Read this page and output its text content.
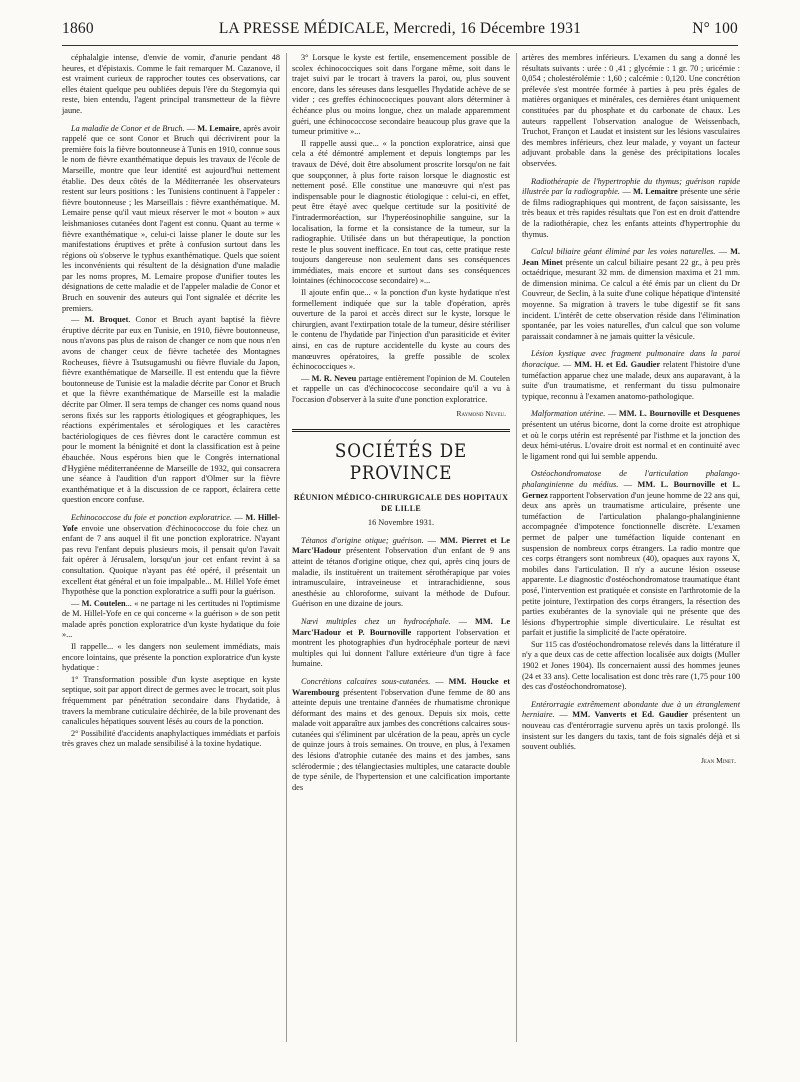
1860	LA PRESSE MÉDICALE, Mercredi, 16 Décembre 1931	N° 100

céphalalgie intense, d'envie de vomir, d'anurie pendant 48 heures, et d'épistaxis. Comme le fait remarquer M. Cazanove, il est vraiment curieux de rapprocher toutes ces observations, car elles étaient quelque peu oubliées depuis l'ère du Stegomyia qui reste, bien entendu, l'agent principal transmetteur de la fièvre jaune.

La maladie de Conor et de Bruch. — M. Lemaire, après avoir rappelé que ce sont Conor et Bruch qui décrivirent pour la première fois la fièvre boutonneuse à Tunis en 1910, connue sous le nom de fièvre exanthématique depuis les travaux de l'école de Marseille, montre que leur identité est aujourd'hui nettement établie. Des deux côtés de la Méditerranée les observateurs restent sur leurs positions : les Tunisiens continuent à l'appeler : fièvre boutonneuse ; les Marseillais : fièvre exanthématique. M. Lemaire pense qu'il vaut mieux réserver le mot « bouton » aux leishmanioses cutanées dont l'agent est connu. Quant au terme « fièvre exanthématique », celui-ci laisse planer le doute sur les manifestations éruptives et prête à confusion surtout dans les régions où s'observe le typhus exanthématique. Quels que soient les inconvénients qui résultent de la désignation d'une maladie par les noms propres, M. Lemaire propose d'unifier toutes les désignations de cette maladie et de l'appeler maladie de Conor et Bruch en souvenir des auteurs qui l'ont signalée et décrite les premiers.

— M. Broquet. Conor et Bruch ayant baptisé la fièvre éruptive décrite par eux en Tunisie, en 1910, fièvre boutonneuse, nous n'avons pas plus de raison de changer ce nom que nous n'en avons de changer ceux de fièvre tachetée des Montagnes Rocheuses, fièvre à Tsutsugamushi ou fièvre fluviale du Japon, fièvre exanthématique de Marseille. Il est entendu que la fièvre boutonneuse de Tunisie est la maladie décrite par Conor et Bruch et que la fièvre exanthématique de Marseille est la maladie décrite par Olmer. Il sera temps de changer ces noms quand nous serons fixés sur les rapports étiologiques et géographiques, les réactions expérimentales et sérologiques et les caractères bactériologiques de ces fièvres dont le caractère commun est pour le moment la bénignité et dont la classification est à peine ébauchée. Nous espérons bien que le Congrès international d'Hygiène méditerranéenne de Marseille de 1932, qui consacrera une séance à l'audition d'un rapport d'Olmer sur la fièvre exanthématique et à la discussion de ce rapport, éclairera cette question encore confuse.

Echinococcose du foie et ponction exploratrice. — M. Hillel-Yofe envoie une observation d'échinococcose du foie chez un enfant de 7 ans auquel il fit une ponction exploratrice. N'ayant pas revu l'enfant depuis plusieurs mois, il pensait qu'on l'avait fait opérer à Jérusalem, lorsqu'un jour cet enfant revint à sa consultation. Quoique n'ayant pas été opéré, il présentait un excellent état général et un foie impalpable... M. Hillel Yofe émet l'hypothèse que la ponction exploratrice a suffi pour la guérison.

— M. Coutelen... « ne partage ni les certitudes ni l'optimisme de M. Hillel-Yofe en ce qui concerne « la guérison » de son petit malade après ponction exploratrice d'un kyste hydatique du foie »...

Il rappelle... « les dangers non seulement immédiats, mais encore lointains, que présente la ponction exploratrice d'un kyste hydatique :

1° Transformation possible d'un kyste aseptique en kyste septique, soit par apport direct de germes avec le trocart, soit plus fréquemment par pénétration secondaire dans l'hydatide, à travers la membrane cuticulaire déchirée, de la bile provenant des canalicules hépatiques souvent lésés au cours de la ponction.

2° Possibilité d'accidents anaphylactiques immédiats et parfois très graves chez un malade sensibilisé à la toxine hydatique.

3° Lorsque le kyste est fertile, ensemencement possible de scolex échinococciques soit dans l'organe même, soit dans le trajet suivi par le trocart à travers la paroi, ou, plus souvent encore, dans les séreuses dans lesquelles l'hydatide achève de se vider ; ces greffes échinococciques pouvant alors déterminer à échéance plus ou moins longue, chez un malade apparemment guéri, une échinococcose secondaire beaucoup plus grave que la tumeur primitive »...

Il rappelle aussi que... « la ponction exploratrice, ainsi que cela a été démontré amplement et depuis longtemps par les travaux de Dévé, doit être absolument proscrite lorsqu'on ne fait que soupçonner, à plus forte raison lorsque le diagnostic est nettement posé. Elle constitue une manœuvre qui n'est pas indispensable pour le diagnostic étiologique : celui-ci, en effet, peut être étayé avec quelque certitude sur la positivité de l'intradermoréaction, sur l'hyperéosinophilie sanguine, sur la localisation, la forme et la consistance de la tumeur, sur la radiographie. Utilisée dans un but thérapeutique, la ponction reste le plus souvent inefficace. En tout cas, cette pratique reste toujours dangereuse non seulement dans ses conséquences immédiates, mais encore et surtout dans ses conséquences lointaines (échinococcose secondaire) »...

Il ajoute enfin que... « la ponction d'un kyste hydatique n'est formellement indiquée que sur la table d'opération, après ouverture de la paroi et accès direct sur le kyste, lorsque le chirurgien, avant l'extirpation totale de la tumeur, désire stériliser le contenu de l'hydatide par l'injection d'un parasiticide et éviter ainsi, en cas de rupture accidentelle du kyste au cours des manœuvres opératoires, la greffe possible de scolex échinococciques ».

— M. R. Neveu partage entièrement l'opinion de M. Coutelen et rappelle un cas d'échinococcose secondaire qu'il a vu à l'occasion d'observer à la suite d'une ponction exploratrice.

Raymond Neveu.
SOCIÉTÉS DE PROVINCE
RÉUNION MÉDICO-CHIRURGICALE DES HOPITAUX DE LILLE
16 Novembre 1931.

Tétanos d'origine otique; guérison. — MM. Pierret et Le Marc'Hadour présentent l'observation d'un enfant de 9 ans atteint de tétanos d'origine otique, chez qui, après cinq jours de maladie, ils instituèrent un traitement sérothérapique par voies intramusculaire, intraveineuse et intrarachidienne, sous anesthésie au chloroforme, suivant la méthode de Dufour. Guérison en une dizaine de jours.

Nævi multiples chez un hydrocéphale. — MM. Le Marc'Hadour et P. Bournoville rapportent l'observation et montrent les photographies d'un hydrocéphale porteur de nævi multiples qui lui donnent l'allure extérieure d'un tigre à face humaine.

Concrétions calcaires sous-cutanées. — MM. Houcke et Warembourg présentent l'observation d'une femme de 80 ans atteinte depuis une trentaine d'années de rhumatisme chronique déformant des mains et des genoux. Depuis six mois, cette malade voit apparaître aux jambes des concrétions calcaires sous-cutanées qui s'éliminent par ulcération de la peau, après un cycle de quinze jours à trois semaines. On trouve, en plus, à l'examen des lésions d'atrophie cutanée des mains et des jambes, sans sclérodermie ; des télangiectasies multiples, une cataracte double de type sénile, de l'hypertension et une calcification importante des

artères des membres inférieurs. L'examen du sang a donné les résultats suivants : urée : 0 ,41 ; glycémie : 1 gr. 70 ; uricémie : 0,054 ; cholestérolémie : 1,60 ; calcémie : 0,120. Une concrétion prélevée s'est montrée formée à parties à peu près égales de matières organiques et minérales, ces dernières étant uniquement constituées par du phosphate et du carbonate de chaux. Les auteurs rappellent l'observation analogue de Weissenbach, Truchot, Françon et Laudat et insistent sur les lésions vasculaires des membres inférieurs, chez leur malade, y voyant un facteur adjuvant probable dans la genèse des précipitations locales observées.

Radiothérapie de l'hypertrophie du thymus; guérison rapide illustrée par la radiographie. — M. Lemaitre présente une série de films radiographiques qui montrent, de façon saisissante, les très beaux et très rapides résultats que l'on est en droit d'attendre de la radiothérapie, chez les enfants atteints d'hypertrophie du thymus.

Calcul biliaire géant éliminé par les voies naturelles. — M. Jean Minet présente un calcul biliaire pesant 22 gr., à peu près octaédrique, mesurant 32 mm. de dimension maxima et 21 mm. de dimension minima. Ce calcul a été émis par un client du Dr Couvreur, de Seclin, à la suite d'une colique hépatique d'intensité moyenne. Sa migration à travers le tube digestif se fit sans incident. L'intérêt de cette observation réside dans l'élimination spontanée, par les voies naturelles, d'un calcul que son volume paraissait condamner à ne jamais quitter la vésicule.

Lésion kystique avec fragment pulmonaire dans la paroi thoracique. — MM. H. et Ed. Gaudier relatent l'histoire d'une tuméfaction apparue chez une malade, deux ans auparavant, à la suite d'un traumatisme, et renfermant du tissu pulmonaire typique, reconnu à l'examen anatomo-pathologique.

Malformation utérine. — MM. L. Bournoville et Desquenes présentent un utérus bicorne, dont la corne droite est atrophique et où le corps utérin est représenté par l'isthme et la jonction des deux hémi-utérus. L'ovaire droit est normal et en continuité avec le ligament rond qui lui semble appendu.

Ostéochondromatose de l'articulation phalango-phalanginienne du médius. — MM. L. Bournoville et L. Gernez rapportent l'observation d'un jeune homme de 22 ans qui, deux ans après un traumatisme articulaire, présente une tuméfaction de l'articulation phalango-phalanginienne accompagnée d'impotence fonctionnelle discrète. L'examen permet de palper une tuméfaction liquide contenant en suspension de nombreux corps étrangers. La radio montre que ces corps étrangers sont nombreux (40), opaques aux rayons X, mobiles dans l'articulation. Il n'y a aucune lésion osseuse apparente. Le diagnostic d'ostéochondromatose traumatique étant posé, l'intervention est pratiquée et consiste en l'arthrotomie de la petite jointure, l'extirpation des corps étrangers, la résection des parties exubérantes de la synoviale qui ne présente que des lésions d'hypertrophie simple diverticulaire. Le résultat est parfait et justifie la simplicité de l'acte opératoire.

Sur 115 cas d'ostéochondromatose relevés dans la littérature il n'y a que deux cas de cette affection localisée aux doigts (Muller 1902 et Jones 1904). Ils concernaient aussi des hommes jeunes (24 et 33 ans). Cette localisation est donc très rare (1,75 pour 100 des cas d'ostéochondromatose).

Entérorragie extrêmement abondante due à un étranglement herniaire. — MM. Vanverts et Ed. Gaudier présentent un nouveau cas d'entérorragie survenu après un taxis prolongé. Ils insistent sur les dangers du taxis, tant de fois signalés déjà et si souvent oubliés.

Jean Minet.
